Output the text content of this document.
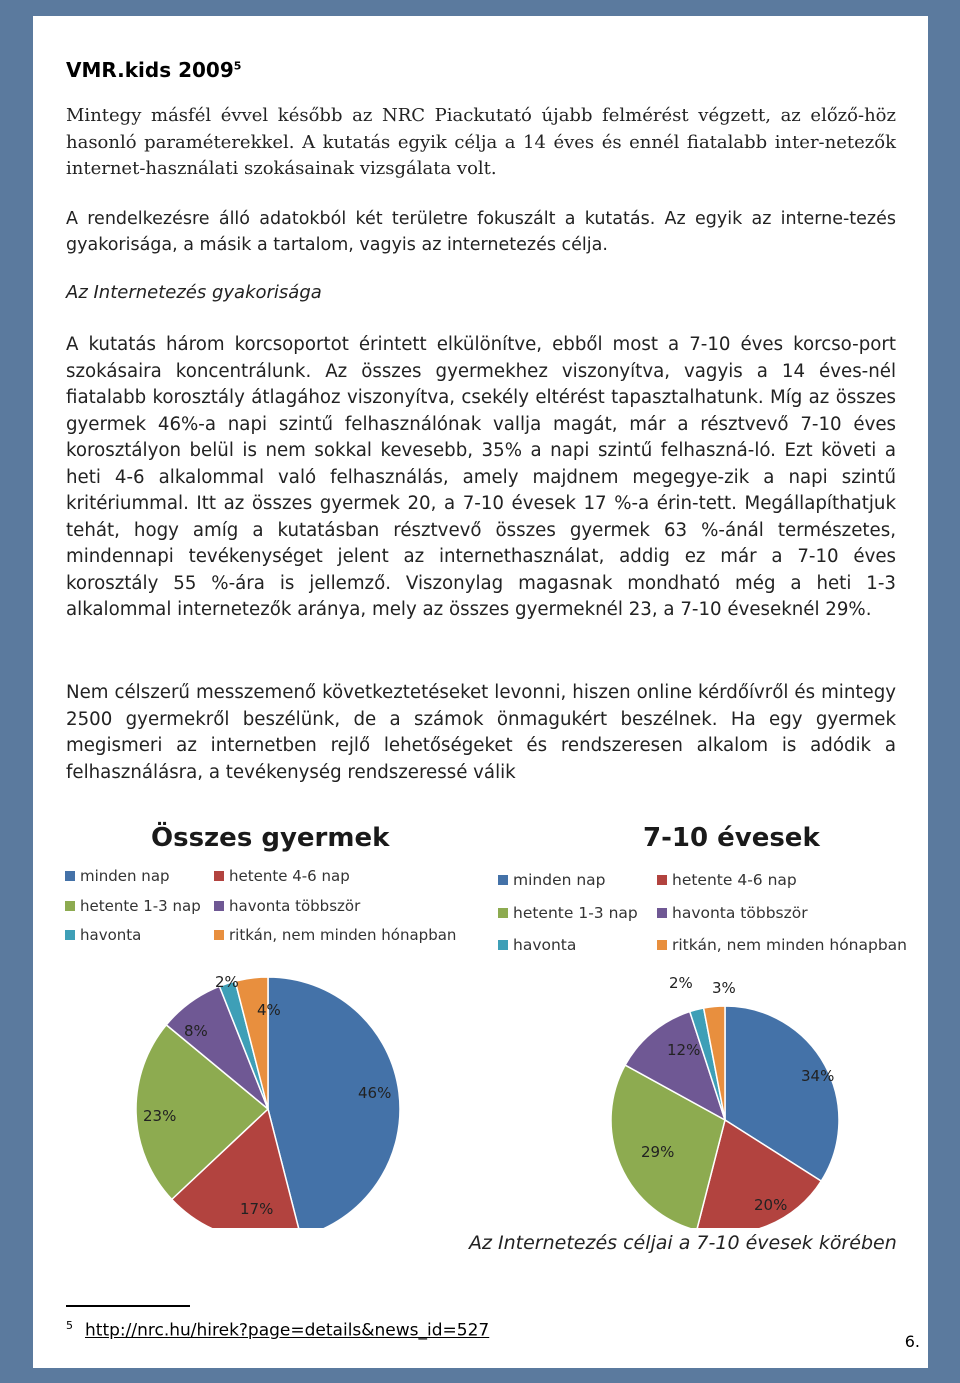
VMR.kids 2009$^5$

Mintegy másfél évvel később az NRC Piackutató újabb felmérést végzett, az előző-höz hasonló paraméterekkel. A kutatás egyik célja a 14 éves és ennél fiatalabb inter-netezők internet-használati szokásainak vizsgálata volt.

A rendelkezésre álló adatokból két területre fokuszált a kutatás. Az egyik az interne-tezés gyakorisága, a másik a tartalom, vagyis az internetezés célja.

Az Internetezés gyakorisága

A kutatás három korcsoportot érintett elkülönítve, ebből most a 7-10 éves korcso-port szokásaira koncentrálunk. Az összes gyermekhez viszonyítva, vagyis a 14 éves-nél fiatalabb korosztály átlagához viszonyítva, csekély eltérést tapasztalhatunk. Míg az összes gyermek 46%-a napi szintű felhasználónak vallja magát, már a résztvevő 7-10 éves korosztályon belül is nem sokkal kevesebb, 35% a napi szintű felhaszná-ló. Ezt követi a heti 4-6 alkalommal való felhasználás, amely majdnem megegye-zik a napi szintű kritériummal. Itt az összes gyermek 20, a 7-10 évesek 17 %-a érin-tett. Megállapíthatjuk tehát, hogy amíg a kutatásban résztvevő összes gyermek 63 %-ánál természetes, mindennapi tevékenységet jelent az internethasználat, addig ez már a 7-10 éves korosztály 55 %-ára is jellemző. Viszonylag magasnak mondható még a heti 1-3 alkalommal internetezők aránya, mely az összes gyermeknél 23, a 7-10 éveseknél 29%.

Nem célszerű messzemenő következtetéseket levonni, hiszen online kérdőívről és mintegy 2500 gyermekről beszélünk, de a számok önmagukért beszélnek. Ha egy gyermek megismeri az internetben rejlő lehetőségeket és rendszeresen alkalom is adódik a felhasználásra, a tevékenység rendszeressé válik

Összes gyermek
minden nap	hetente 4-6 nap
hetente 1-3 nap havonta többször
havonta	ritkán, nem minden hónapban
46%
17%
23%
8%
2%
4%
7-10 évesek
minden nap	hetente 4-6 nap
hetente 1-3 nap havonta többször
havonta	ritkán, nem minden hónapban
34%
20%
29%
12%
2% 3%
Az Internetezés céljai a 7-10 évesek körében
$^5$ http://nrc.hu/hirek?page=details&news_id=527
6.
